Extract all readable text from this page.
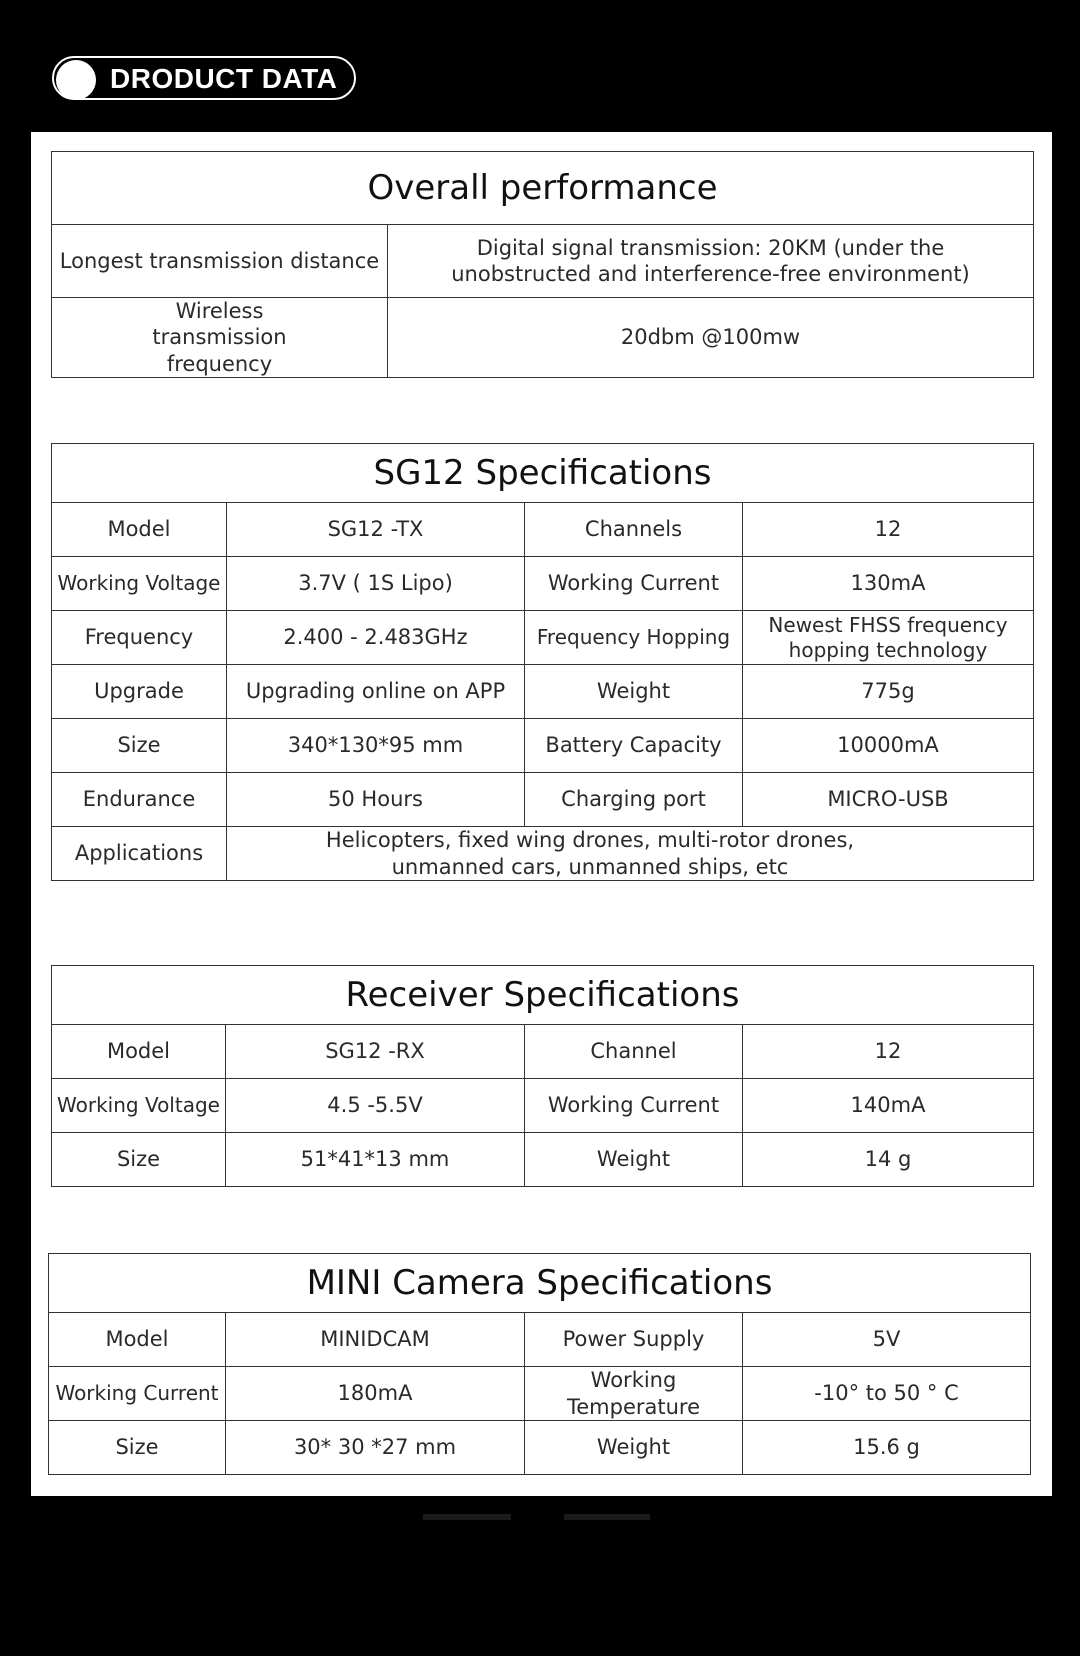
DRODUCT DATA
Overall performance	
Longest transmission distance	Digital signal transmission: 20KM (under the unobstructed and interference-free environment)
Wireless transmission frequency	20dbm @100mw
SG12 Specifications			
Model	SG12 -TX	Channels	12
Working Voltage	3.7V ( 1S Lipo)	Working Current	130mA
Frequency	2.400 - 2.483GHz	Frequency Hopping	Newest FHSS frequency hopping technology
Upgrade	Upgrading online on APP	Weight	775g
Size	340*130*95 mm	Battery Capacity	10000mA
Endurance	50 Hours	Charging port	MICRO-USB
Applications	Helicopters, fixed wing drones, multi-rotor drones, unmanned cars, unmanned ships, etc		
Receiver Specifications			
Model	SG12 -RX	Channel	12
Working Voltage	4.5 -5.5V	Working Current	140mA
Size	51*41*13 mm	Weight	14 g
MINI Camera Specifications			
Model	MINIDCAM	Power Supply	5V
Working Current	180mA	Working Temperature	-10° to 50 ° C
Size	30* 30 *27 mm	Weight	15.6 g
